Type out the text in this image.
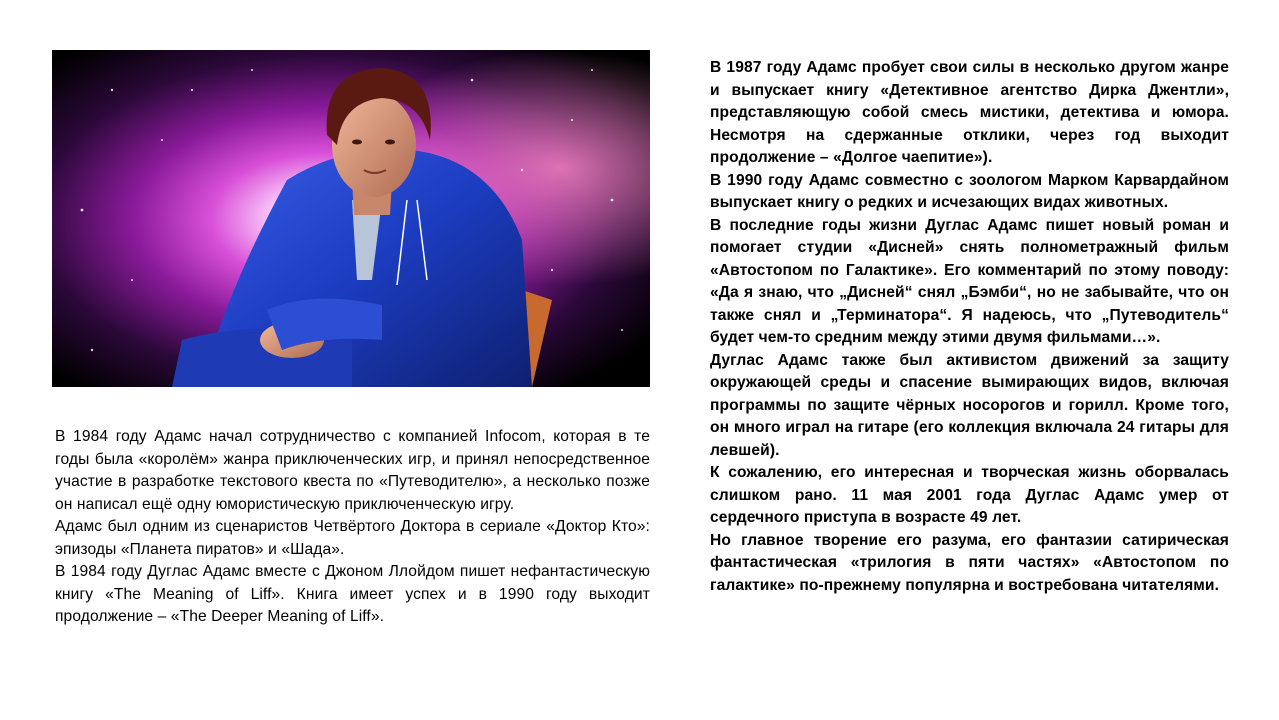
В 1984 году Адамс начал сотрудничество с компанией Infocom, которая в те годы была «королём» жанра приключенческих игр, и принял непосредственное участие в разработке текстового квеста по «Путеводителю», а несколько позже он написал ещё одну юмористическую приключенческую игру.

Адамс был одним из сценаристов Четвёртого Доктора в сериале «Доктор Кто»: эпизоды «Планета пиратов» и «Шада».

В 1984 году Дуглас Адамс вместе с Джоном Ллойдом пишет нефантастическую книгу «The Meaning of Liff». Книга имеет успех и в 1990 году выходит продолжение – «The Deeper Meaning of Liff».

В 1987 году Адамс пробует свои силы в несколько другом жанре и выпускает книгу «Детективное агентство Дирка Джентли», представляющую собой смесь мистики, детектива и юмора. Несмотря на сдержанные отклики, через год выходит продолжение – «Долгое чаепитие»).

В 1990 году Адамс совместно с зоологом Марком Карвардайном выпускает книгу о редких и исчезающих видах животных.

В последние годы жизни Дуглас Адамс пишет новый роман и помогает студии «Дисней» снять полнометражный фильм «Автостопом по Галактике». Его комментарий по этому поводу: «Да я знаю, что „Дисней“ снял „Бэмби“, но не забывайте, что он также снял и „Терминатора“. Я надеюсь, что „Путеводитель“ будет чем-то средним между этими двумя фильмами…».

Дуглас Адамс также был активистом движений за защиту окружающей среды и спасение вымирающих видов, включая программы по защите чёрных носорогов и горилл. Кроме того, он много играл на гитаре (его коллекция включала 24 гитары для левшей).

К сожалению, его интересная и творческая жизнь оборвалась слишком рано. 11 мая 2001 года Дуглас Адамс умер от сердечного приступа в возрасте 49 лет.

Но главное творение его разума, его фантазии сатирическая фантастическая «трилогия в пяти частях» «Автостопом по галактике» по-прежнему популярна и востребована читателями.
